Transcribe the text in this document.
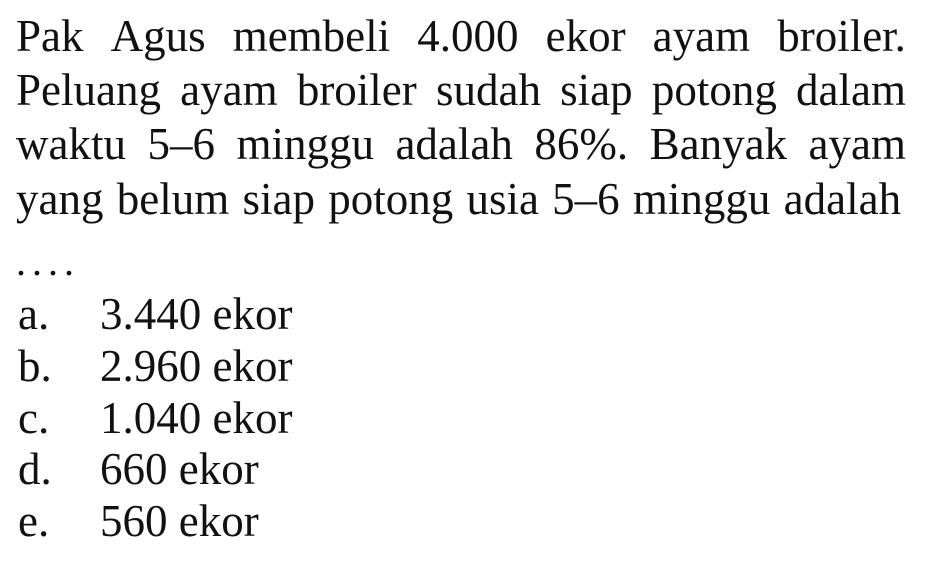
Pak Agus membeli 4.000 ekor ayam broiler.
Peluang ayam broiler sudah siap potong dalam
waktu 5–6 minggu adalah 86%. Banyak ayam
yang belum siap potong usia 5–6 minggu adalah
....
a. 3.440 ekor
b. 2.960 ekor
c. 1.040 ekor
d. 660 ekor
e. 560 ekor
